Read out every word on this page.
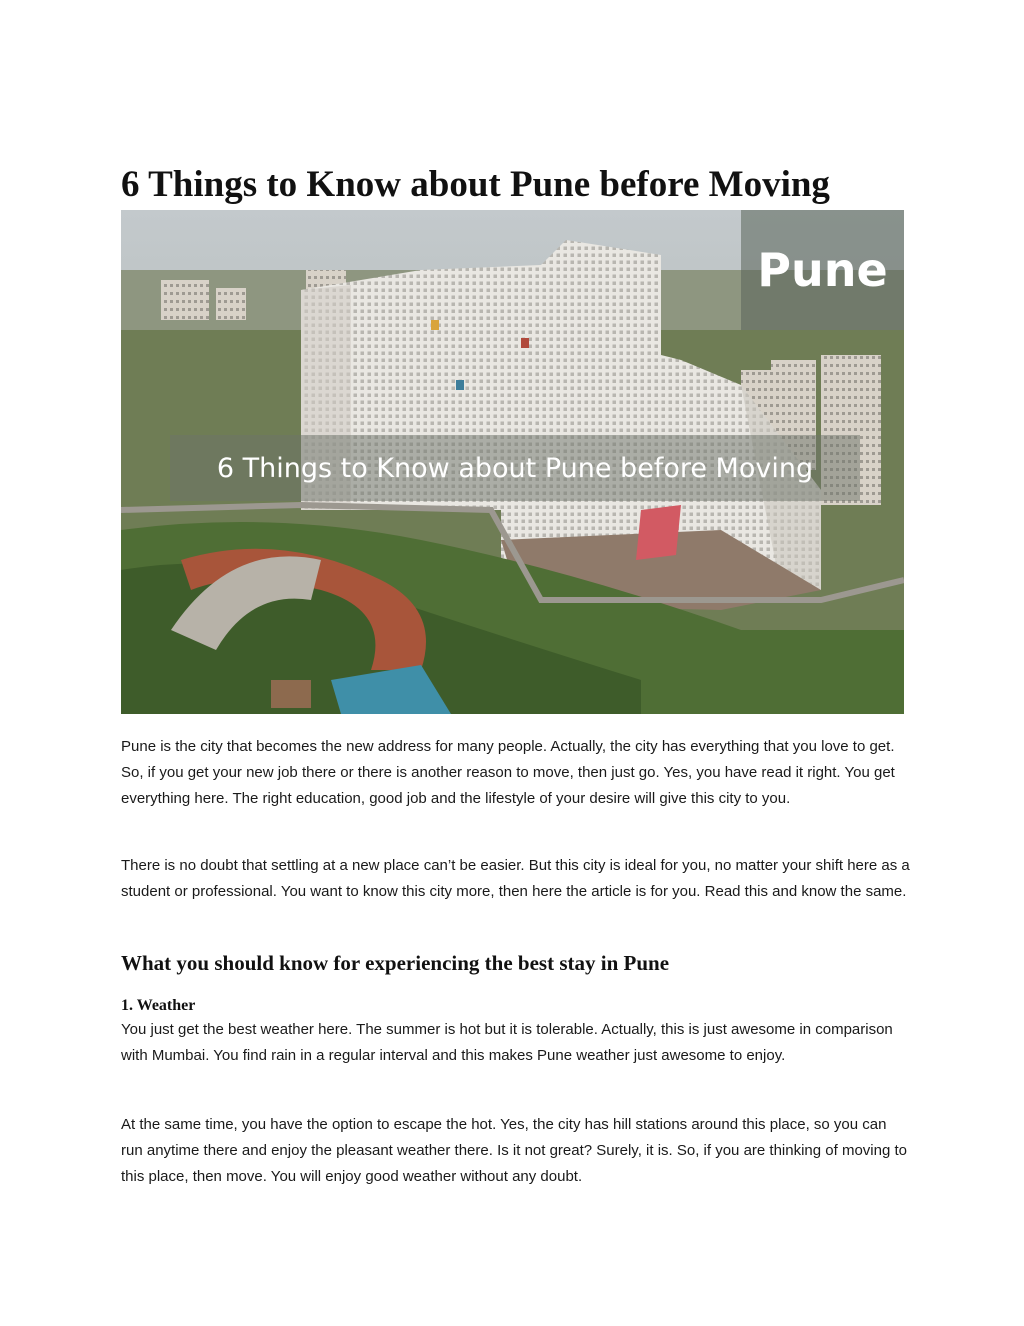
6 Things to Know about Pune before Moving
Pune
6 Things to Know about Pune before Moving

Pune is the city that becomes the new address for many people. Actually, the city has everything that you love to get. So, if you get your new job there or there is another reason to move, then just go. Yes, you have read it right. You get everything here. The right education, good job and the lifestyle of your desire will give this city to you.

There is no doubt that settling at a new place can’t be easier. But this city is ideal for you, no matter your shift here as a student or professional. You want to know this city more, then here the article is for you. Read this and know the same.

What you should know for experiencing the best stay in Pune
1. Weather

You just get the best weather here. The summer is hot but it is tolerable. Actually, this is just awesome in comparison with Mumbai. You find rain in a regular interval and this makes Pune weather just awesome to enjoy.

At the same time, you have the option to escape the hot. Yes, the city has hill stations around this place, so you can run anytime there and enjoy the pleasant weather there. Is it not great? Surely, it is. So, if you are thinking of moving to this place, then move. You will enjoy good weather without any doubt.
